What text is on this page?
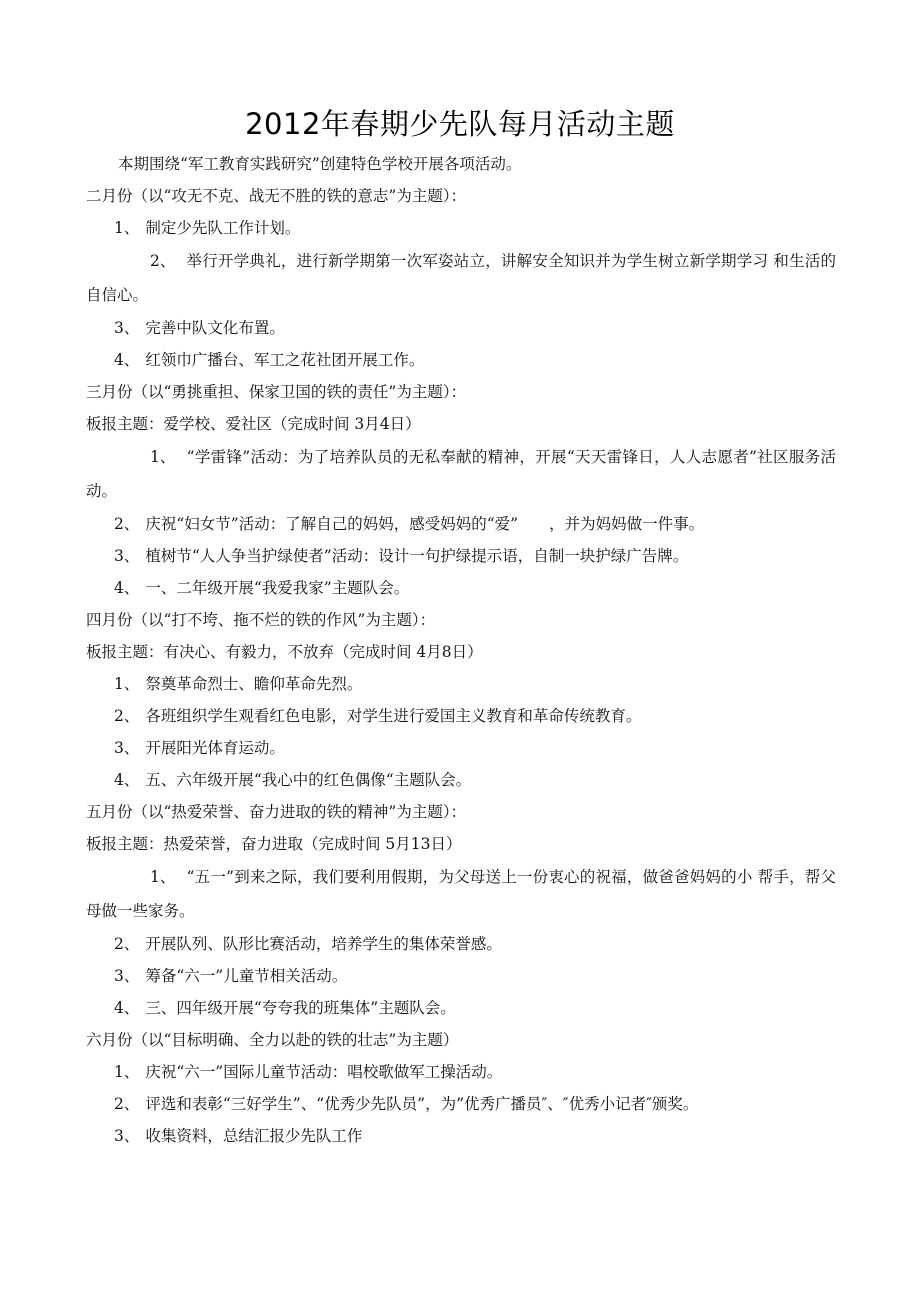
2012年春期少先队每月活动主题
本期围绕“军工教育实践研究”创建特色学校开展各项活动。
二月份（以“攻无不克、战无不胜的铁的意志”为主题）：
1、 制定少先队工作计划。
2、 举行开学典礼，进行新学期第一次军姿站立，讲解安全知识并为学生树立新学期学习 和生活的自信心。
3、 完善中队文化布置。
4、 红领巾广播台、军工之花社团开展工作。
三月份（以“勇挑重担、保家卫国的铁的责任”为主题）：
板报主题：爱学校、爱社区（完成时间 3月4日）
1、 “学雷锋”活动：为了培养队员的无私奉献的精神，开展“天天雷锋日，人人志愿者”社区服务活动。
2、 庆祝“妇女节”活动：了解自己的妈妈，感受妈妈的“爱”　　，并为妈妈做一件事。
3、 植树节“人人争当护绿使者”活动：设计一句护绿提示语，自制一块护绿广告牌。
4、 一、二年级开展“我爱我家”主题队会。
四月份（以“打不垮、拖不烂的铁的作风”为主题）：
板报主题：有决心、有毅力，不放弃（完成时间 4月8日）
1、 祭奠革命烈士、瞻仰革命先烈。
2、 各班组织学生观看红色电影，对学生进行爱国主义教育和革命传统教育。
3、 开展阳光体育运动。
4、 五、六年级开展“我心中的红色偶像“主题队会。
五月份（以“热爱荣誉、奋力进取的铁的精神”为主题）：
板报主题：热爱荣誉，奋力进取（完成时间 5月13日）
1、 “五一”到来之际，我们要利用假期，为父母送上一份衷心的祝福，做爸爸妈妈的小 帮手，帮父母做一些家务。
2、 开展队列、队形比赛活动，培养学生的集体荣誉感。
3、 筹备“六一”儿童节相关活动。
4、 三、四年级开展“夸夸我的班集体”主题队会。
六月份（以“目标明确、全力以赴的铁的壮志”为主题）
1、 庆祝“六一”国际儿童节活动：唱校歌做军工操活动。
2、 评选和表彰“三好学生”、“优秀少先队员”，为”优秀广播员″、″优秀小记者″颁奖。
3、 收集资料，总结汇报少先队工作
